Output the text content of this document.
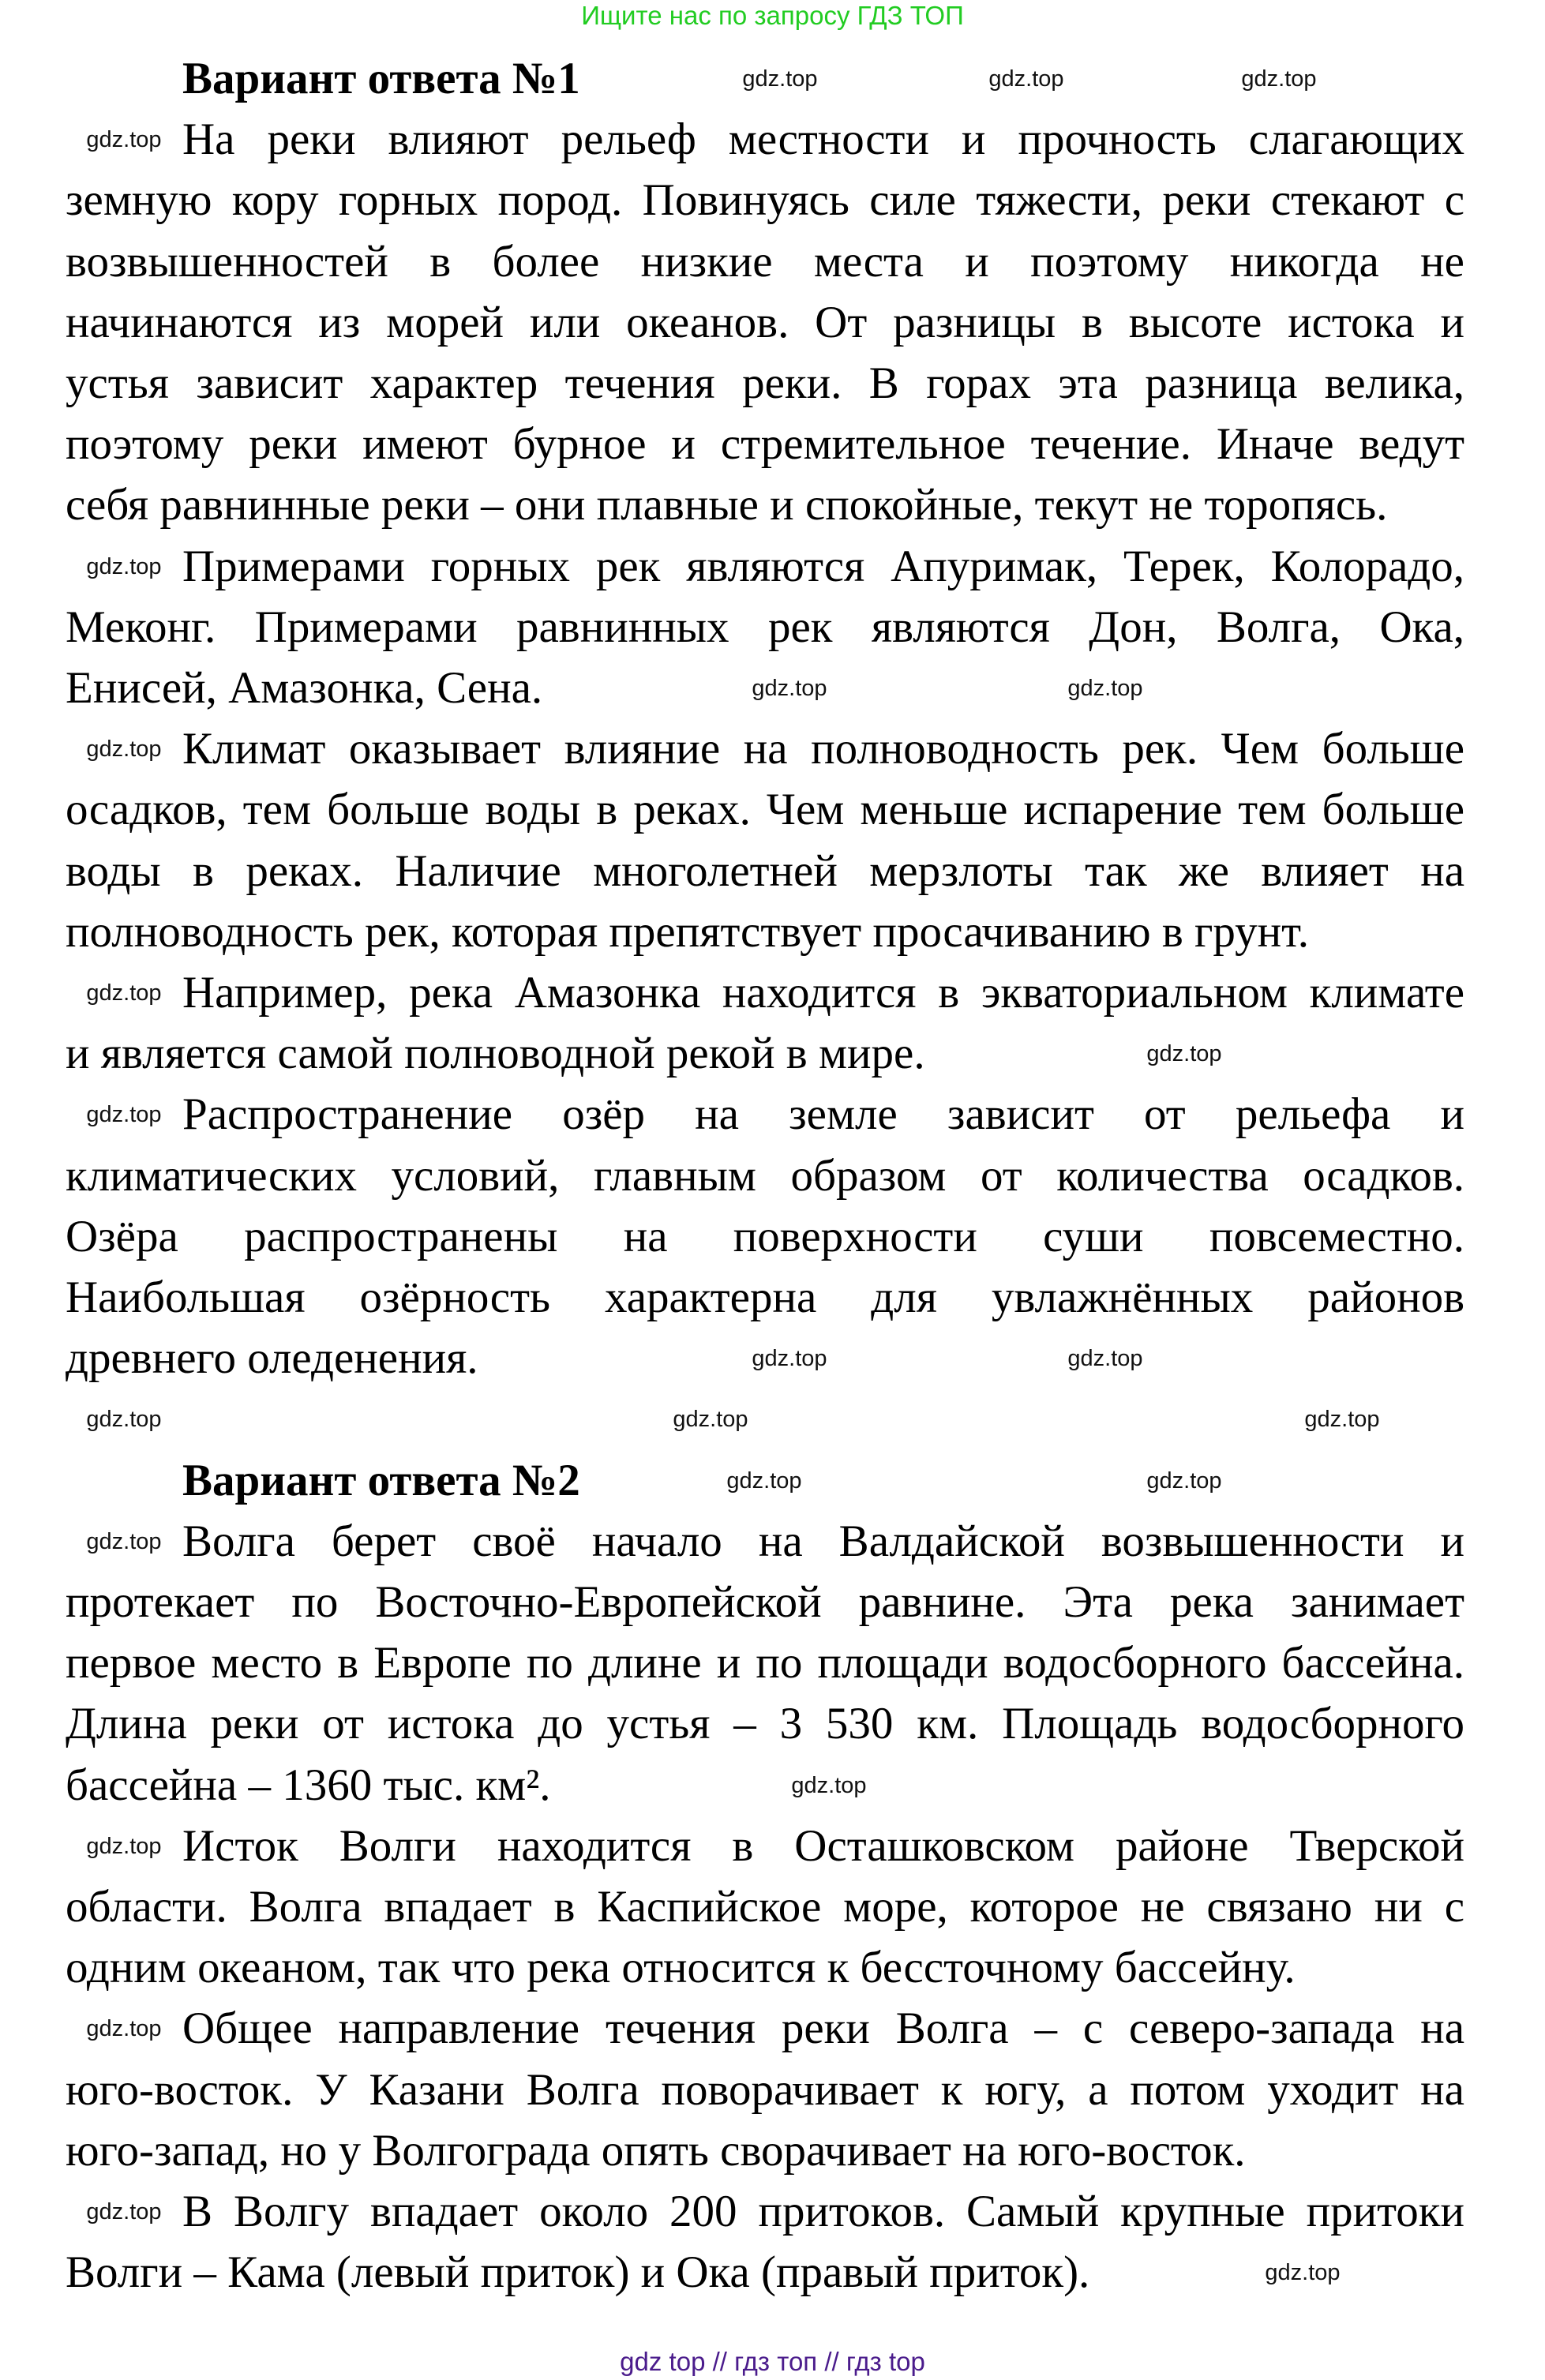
Ищите нас по запросу ГДЗ ТОП
Вариант ответа №1
На реки влияют рельеф местности и прочность слагающих
земную кору горных пород. Повинуясь силе тяжести, реки стекают с
возвышенностей в более низкие места и поэтому никогда не
начинаются из морей или океанов. От разницы в высоте истока и
устья зависит характер течения реки. В горах эта разница велика,
поэтому реки имеют бурное и стремительное течение. Иначе ведут
себя равнинные реки – они плавные и спокойные, текут не торопясь.
Примерами горных рек являются Апуримак, Терек, Колорадо,
Меконг. Примерами равнинных рек являются Дон, Волга, Ока,
Енисей, Амазонка, Сена.
Климат оказывает влияние на полноводность рек. Чем больше
осадков, тем больше воды в реках. Чем меньше испарение тем больше
воды в реках. Наличие многолетней мерзлоты так же влияет на
полноводность рек, которая препятствует просачиванию в грунт.
Например, река Амазонка находится в экваториальном климате
и является самой полноводной рекой в мире.
Распространение озёр на земле зависит от рельефа и
климатических условий, главным образом от количества осадков.
Озёра распространены на поверхности суши повсеместно.
Наибольшая озёрность характерна для увлажнённых районов
древнего оледенения.
Вариант ответа №2
Волга берет своё начало на Валдайской возвышенности и
протекает по Восточно-Европейской равнине. Эта река занимает
первое место в Европе по длине и по площади водосборного бассейна.
Длина реки от истока до устья – 3 530 км. Площадь водосборного
бассейна – 1360 тыс. км².
Исток Волги находится в Осташковском районе Тверской
области. Волга впадает в Каспийское море, которое не связано ни с
одним океаном, так что река относится к бессточному бассейну.
Общее направление течения реки Волга – с северо-запада на
юго-восток. У Казани Волга поворачивает к югу, а потом уходит на
юго-запад, но у Волгограда опять сворачивает на юго-восток.
В Волгу впадает около 200 притоков. Самый крупные притоки
Волги – Кама (левый приток) и Ока (правый приток).
gdz.top	gdz.top	gdz.top
gdz.top
gdz.top
gdz.top
gdz.top
gdz.top
gdz.top
gdz.top
gdz.top
gdz.top
gdz.top	gdz.top
gdz.top
gdz.top	gdz.top
gdz.top	gdz.top	gdz.top
gdz.top	gdz.top
gdz.top
gdz.top
gdz top // гдз топ // гдз top
